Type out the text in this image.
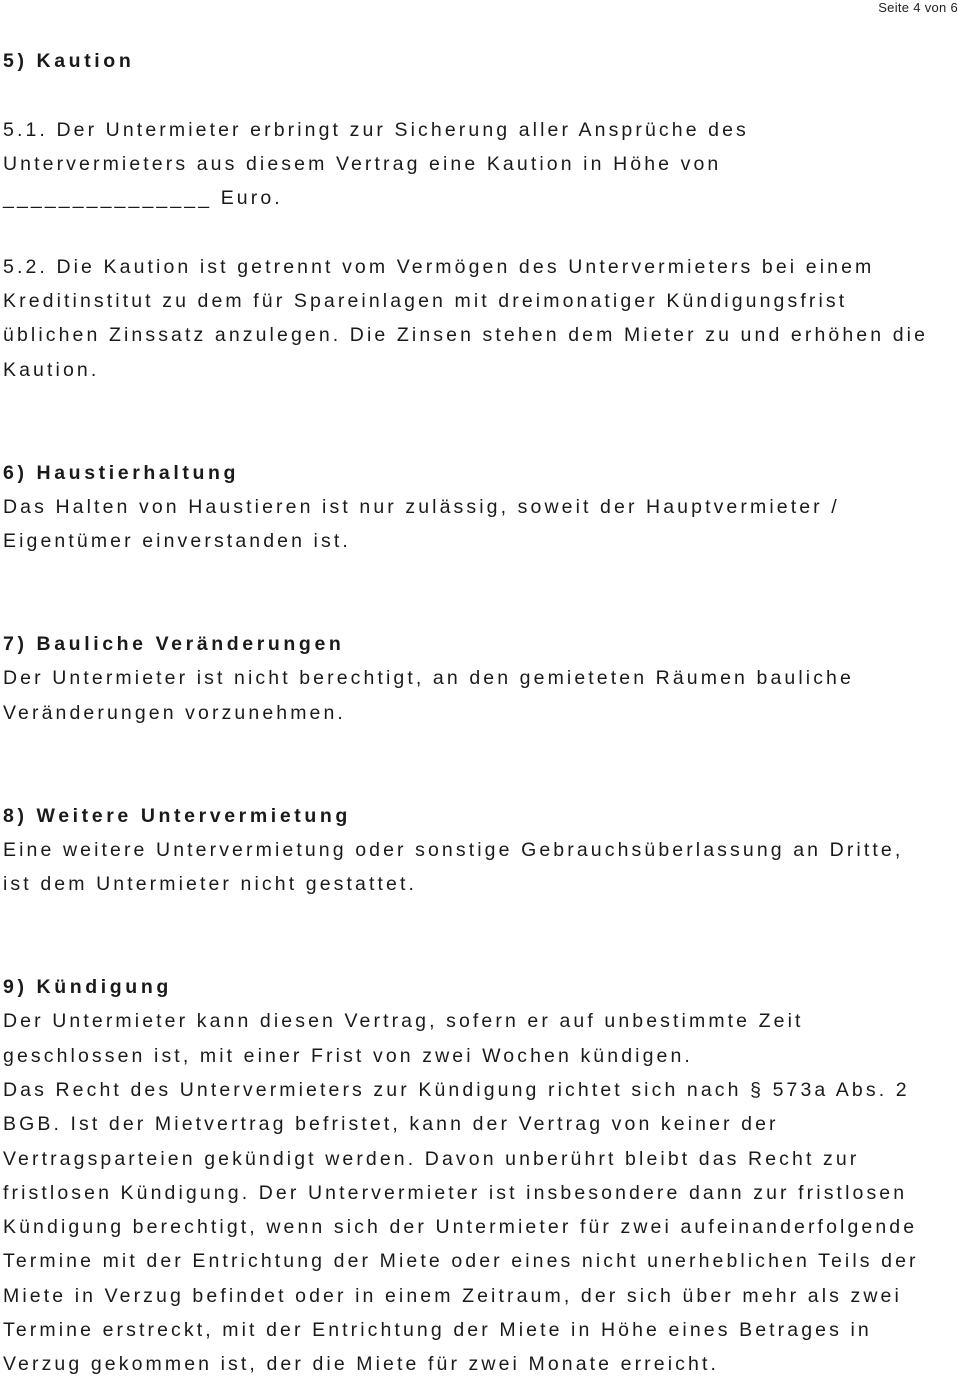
Seite 4 von 6

5) Kaution

5.1. Der Untermieter erbringt zur Sicherung aller Ansprüche des

Untervermieters aus diesem Vertrag eine Kaution in Höhe von

_______________ Euro.

5.2. Die Kaution ist getrennt vom Vermögen des Untervermieters bei einem

Kreditinstitut zu dem für Spareinlagen mit dreimonatiger Kündigungsfrist

üblichen Zinssatz anzulegen. Die Zinsen stehen dem Mieter zu und erhöhen die

Kaution.

6) Haustierhaltung

Das Halten von Haustieren ist nur zulässig, soweit der Hauptvermieter /

Eigentümer einverstanden ist.

7) Bauliche Veränderungen

Der Untermieter ist nicht berechtigt, an den gemieteten Räumen bauliche

Veränderungen vorzunehmen.

8) Weitere Untervermietung

Eine weitere Untervermietung oder sonstige Gebrauchsüberlassung an Dritte,

ist dem Untermieter nicht gestattet.

9) Kündigung

Der Untermieter kann diesen Vertrag, sofern er auf unbestimmte Zeit

geschlossen ist, mit einer Frist von zwei Wochen kündigen.

Das Recht des Untervermieters zur Kündigung richtet sich nach § 573a Abs. 2

BGB. Ist der Mietvertrag befristet, kann der Vertrag von keiner der

Vertragsparteien gekündigt werden. Davon unberührt bleibt das Recht zur

fristlosen Kündigung. Der Untervermieter ist insbesondere dann zur fristlosen

Kündigung berechtigt, wenn sich der Untermieter für zwei aufeinanderfolgende

Termine mit der Entrichtung der Miete oder eines nicht unerheblichen Teils der

Miete in Verzug befindet oder in einem Zeitraum, der sich über mehr als zwei

Termine erstreckt, mit der Entrichtung der Miete in Höhe eines Betrages in

Verzug gekommen ist, der die Miete für zwei Monate erreicht.
